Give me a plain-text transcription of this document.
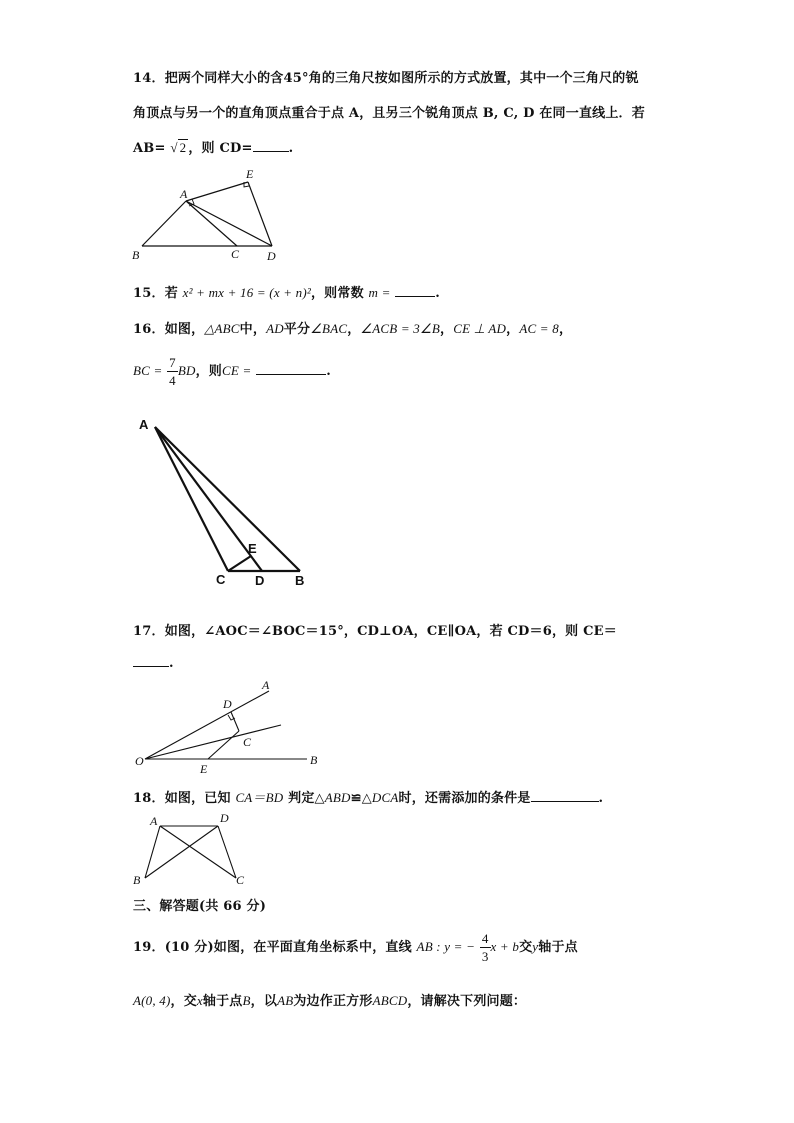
14．把两个同样大小的含45°角的三角尺按如图所示的方式放置，其中一个三角尺的锐
角顶点与另一个的直角顶点重合于点 A，且另三个锐角顶点 B, C, D 在同一直线上．若
AB= √ 2 ，则 CD=	.
A
E
B	C D
15．若 x² + mx + 16 = (x + n)²，则常数 m =	.
16．如图，△ABC中，AD平分∠BAC，∠ACB = 3∠B，CE ⊥ AD，AC = 8，
BC = $\frac{7}{4}$ BD，则CE =	.
A
E
C D B
17．如图，∠AOC＝∠BOC＝15°，CD⊥OA，CE∥OA，若 CD＝6，则 CE＝
.
A
D
C
O
E
B
18．如图，已知 CA＝BD 判定△ABD≌△DCA时，还需添加的条件是	.
A	D
B	C
三、解答题(共 66 分)
19．(10 分)如图，在平面直角坐标系中，直线 AB : y = − $\frac{4}{3}$ x + b交y轴于点
A(0, 4)，交x轴于点B，以AB为边作正方形ABCD，请解决下列问题：
